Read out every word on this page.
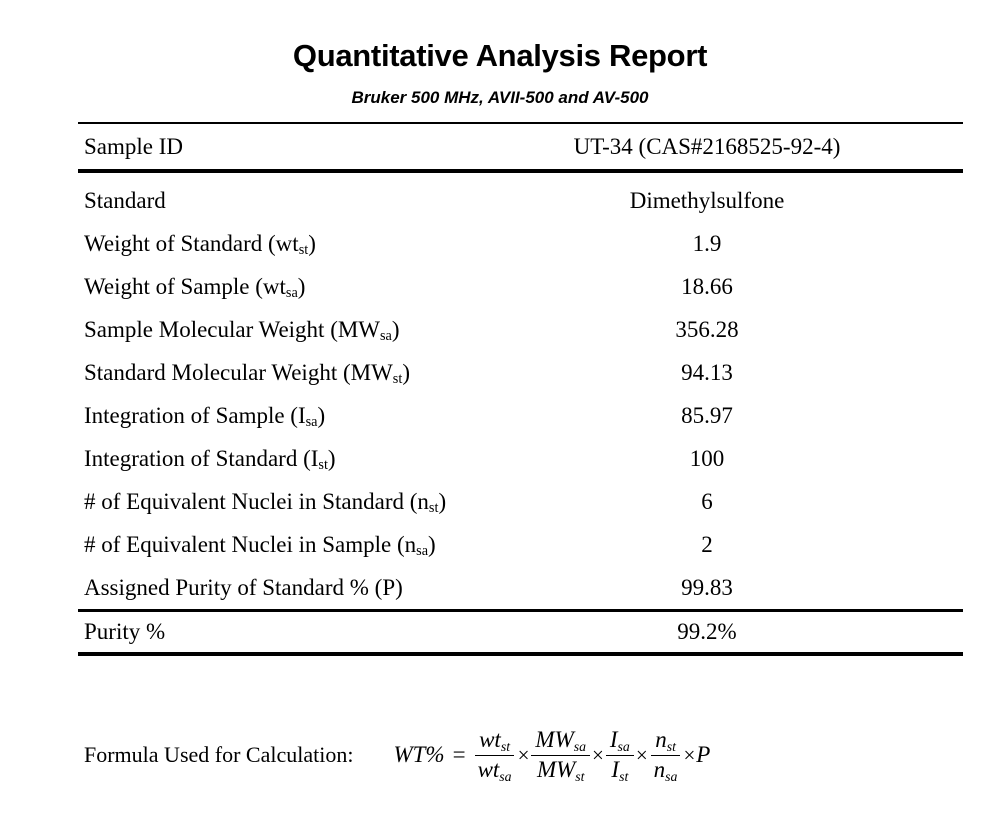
Quantitative Analysis Report
Bruker 500 MHz, AVII-500 and AV-500
Sample ID	UT-34 (CAS#2168525-92-4)
Standard	Dimethylsulfone
Weight of Standard (wtst)	1.9
Weight of Sample (wtsa)	18.66
Sample Molecular Weight (MWsa)	356.28
Standard Molecular Weight (MWst)	94.13
Integration of Sample (Isa)	85.97
Integration of Standard (Ist)	100
# of Equivalent Nuclei in Standard (nst)	6
# of Equivalent Nuclei in Sample (nsa)	2
Assigned Purity of Standard % (P)	99.83
Purity %	99.2%
Formula Used for Calculation: $WT\% = \frac{\text{wtst}}{\text{wtsa}} \times \frac{\text{MWsa}}{\text{MWst}} \times \frac{\text{Isa}}{\text{Ist}} \times \frac{\text{nst}}{\text{nsa}} \times P$
